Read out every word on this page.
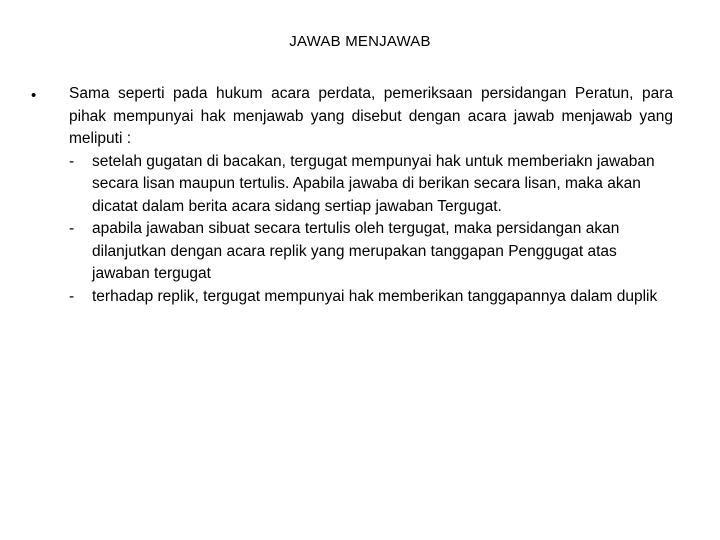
JAWAB MENJAWAB
• Sama seperti pada hukum acara perdata, pemeriksaan persidangan Peratun, para pihak mempunyai hak menjawab yang disebut dengan acara jawab menjawab yang meliputi :

- setelah gugatan di bacakan, tergugat mempunyai hak untuk memberiakn jawaban secara lisan maupun tertulis. Apabila jawaba di berikan secara lisan, maka akan dicatat dalam berita acara sidang sertiap jawaban Tergugat.
- apabila jawaban sibuat secara tertulis oleh tergugat, maka persidangan akan dilanjutkan dengan acara replik yang merupakan tanggapan Penggugat atas jawaban tergugat
- terhadap replik, tergugat mempunyai hak memberikan tanggapannya dalam duplik
